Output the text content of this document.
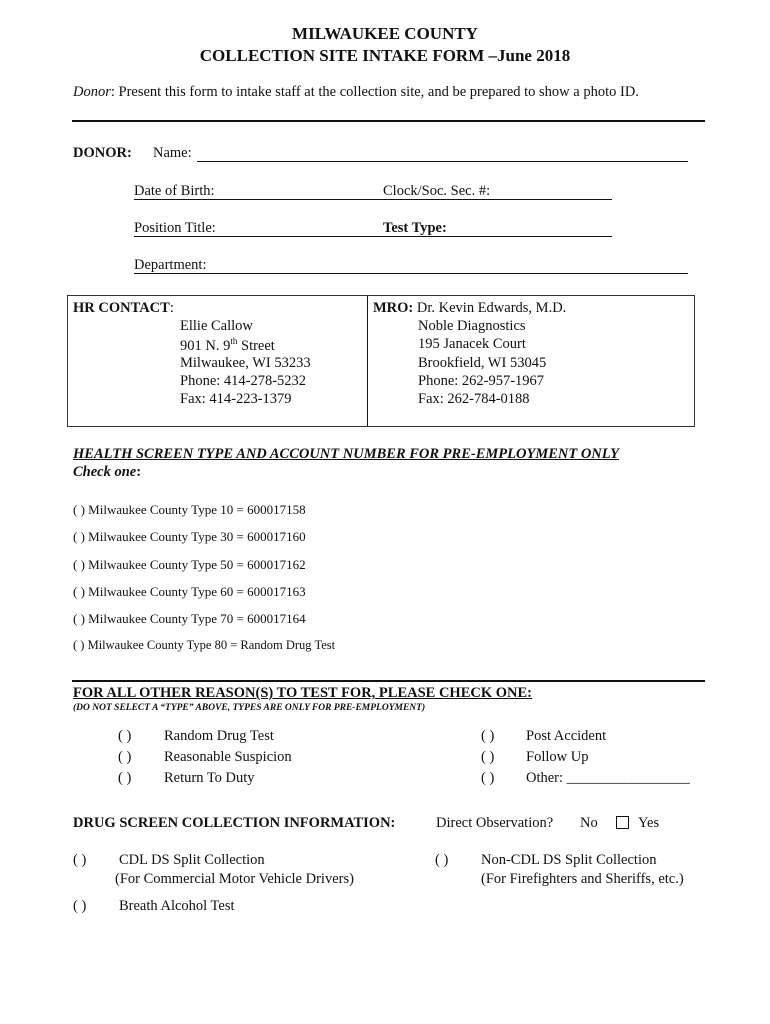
MILWAUKEE COUNTY
COLLECTION SITE INTAKE FORM –June 2018
Donor: Present this form to intake staff at the collection site, and be prepared to show a photo ID.
DONOR: Name:
Date of Birth:	Clock/Soc. Sec. #:
Position Title:	Test Type:
Department:
HR CONTACT:
Ellie Callow
901 N. 9th Street
Milwaukee, WI 53233
Phone: 414-278-5232
Fax: 414-223-1379
MRO: Dr. Kevin Edwards, M.D.
Noble Diagnostics
195 Janacek Court
Brookfield, WI 53045
Phone: 262-957-1967
Fax: 262-784-0188
HEALTH SCREEN TYPE AND ACCOUNT NUMBER FOR PRE-EMPLOYMENT ONLY
Check one:
( ) Milwaukee County Type 10 = 600017158
( ) Milwaukee County Type 30 = 600017160
( ) Milwaukee County Type 50 = 600017162
( ) Milwaukee County Type 60 = 600017163
( ) Milwaukee County Type 70 = 600017164
( ) Milwaukee County Type 80 = Random Drug Test
FOR ALL OTHER REASON(S) TO TEST FOR, PLEASE CHECK ONE:
(DO NOT SELECT A “TYPE” ABOVE, TYPES ARE ONLY FOR PRE-EMPLOYMENT)
( ) Random Drug Test
( ) Reasonable Suspicion
( ) Return To Duty
( ) Post Accident
( ) Follow Up
( ) Other: _________________
DRUG SCREEN COLLECTION INFORMATION:	Direct Observation? No	Yes
( ) CDL DS Split Collection
(For Commercial Motor Vehicle Drivers)
( ) Non-CDL DS Split Collection
(For Firefighters and Sheriffs, etc.)
( ) Breath Alcohol Test
